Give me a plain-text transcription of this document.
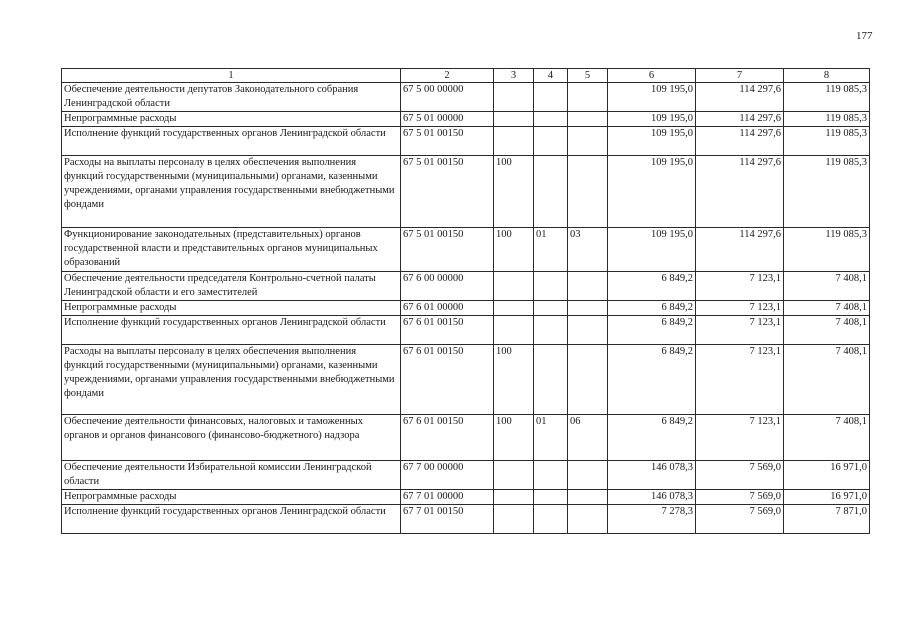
177
1	2	3	4	5	6	7	8
Обеспечение деятельности депутатов Законодательного собрания Ленинградской области	67 5 00 00000				109 195,0	114 297,6	119 085,3
Непрограммные расходы	67 5 01 00000				109 195,0	114 297,6	119 085,3
Исполнение функций государственных органов Ленинградской области	67 5 01 00150				109 195,0	114 297,6	119 085,3
Расходы на выплаты персоналу в целях обеспечения выполнения функций государственными (муниципальными) органами, казенными учреждениями, органами управления государственными внебюджетными фондами	67 5 01 00150	100			109 195,0	114 297,6	119 085,3
Функционирование законодательных (представительных) органов государственной власти и представительных органов муниципальных образований	67 5 01 00150	100	01	03	109 195,0	114 297,6	119 085,3
Обеспечение деятельности председателя Контрольно-счетной палаты Ленинградской области и его заместителей	67 6 00 00000				6 849,2	7 123,1	7 408,1
Непрограммные расходы	67 6 01 00000				6 849,2	7 123,1	7 408,1
Исполнение функций государственных органов Ленинградской области	67 6 01 00150				6 849,2	7 123,1	7 408,1
Расходы на выплаты персоналу в целях обеспечения выполнения функций государственными (муниципальными) органами, казенными учреждениями, органами управления государственными внебюджетными фондами	67 6 01 00150	100			6 849,2	7 123,1	7 408,1
Обеспечение деятельности финансовых, налоговых и таможенных органов и органов финансового (финансово-бюджетного) надзора	67 6 01 00150	100	01	06	6 849,2	7 123,1	7 408,1
Обеспечение деятельности Избирательной комиссии Ленинградской области	67 7 00 00000				146 078,3	7 569,0	16 971,0
Непрограммные расходы	67 7 01 00000				146 078,3	7 569,0	16 971,0
Исполнение функций государственных органов Ленинградской области	67 7 01 00150				7 278,3	7 569,0	7 871,0
